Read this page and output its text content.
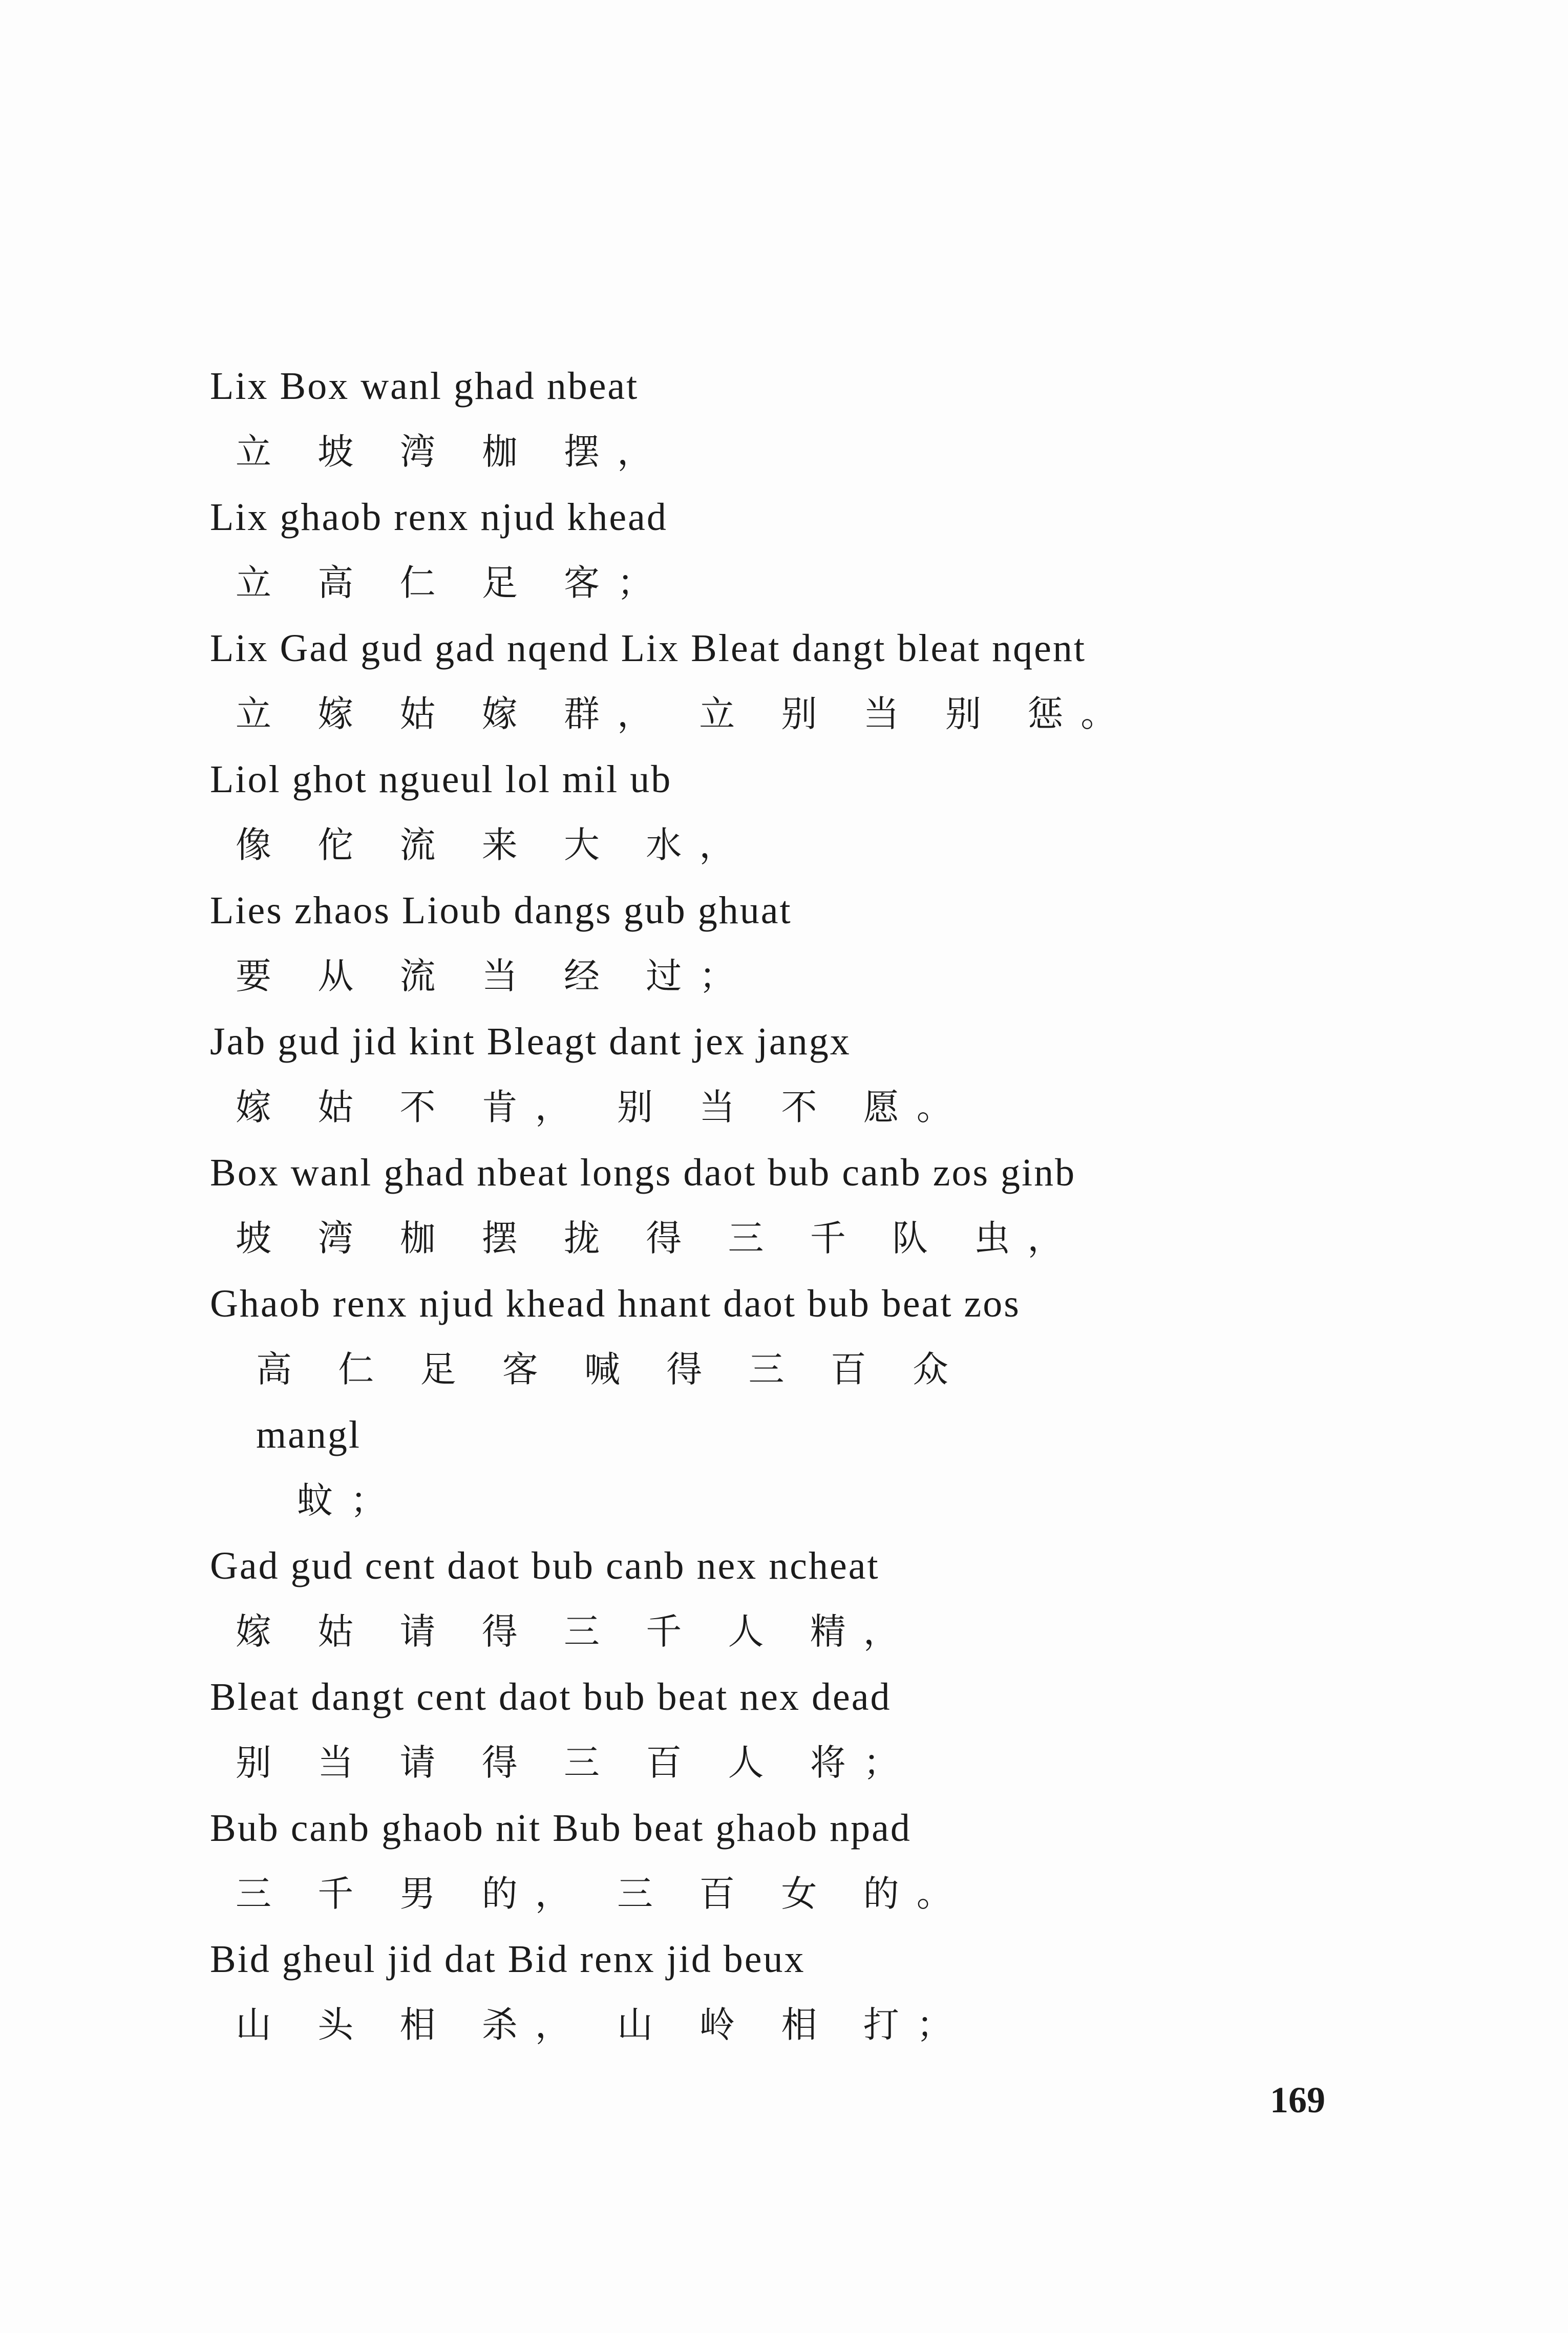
Lix Box wanl ghad nbeat
立 坡 湾 枷 摆，
Lix ghaob renx njud khead
立 高 仁 足 客；
Lix Gad gud gad nqend Lix Bleat dangt bleat nqent
立 嫁 姑 嫁 群， 立 别 当 别 惩。
Liol ghot ngueul lol mil ub
像 佗 流 来 大 水，
Lies zhaos Lioub dangs gub ghuat
要 从 流 当 经 过；
Jab gud jid kint Bleagt dant jex jangx
嫁 姑 不 肯， 别 当 不 愿。
Box wanl ghad nbeat longs daot bub canb zos ginb
坡 湾 枷 摆 拢 得 三 千 队 虫，
Ghaob renx njud khead hnant daot bub beat zos
高 仁 足 客 喊 得 三 百 众
mangl
蚊；
Gad gud cent daot bub canb nex ncheat
嫁 姑 请 得 三 千 人 精，
Bleat dangt cent daot bub beat nex dead
别 当 请 得 三 百 人 将；
Bub canb ghaob nit Bub beat ghaob npad
三 千 男 的， 三 百 女 的。
Bid gheul jid dat Bid renx jid beux
山 头 相 杀， 山 岭 相 打；
169
